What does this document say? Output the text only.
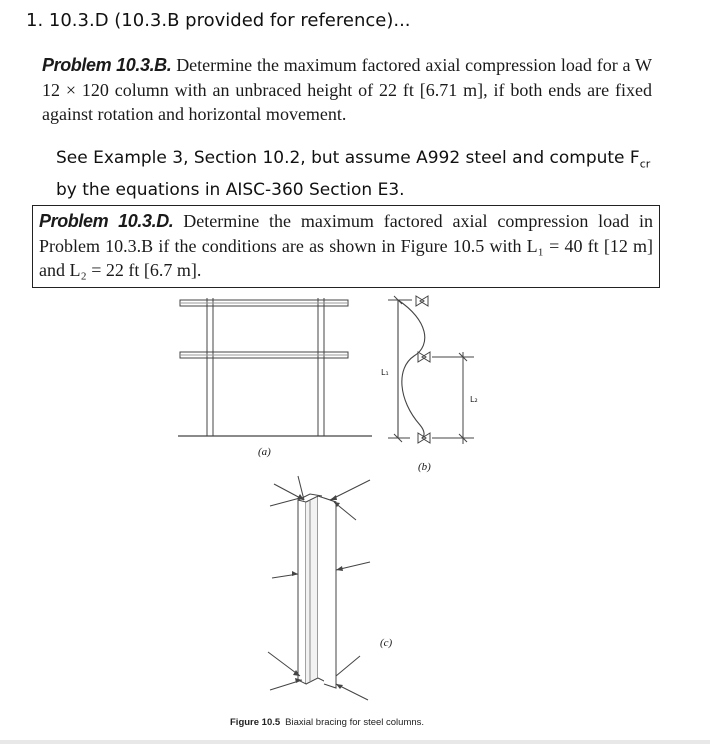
1. 10.3.D (10.3.B provided for reference)...
Problem 10.3.B. Determine the maximum factored axial compression load for a W 12 × 120 column with an unbraced height of 22 ft [6.71 m], if both ends are fixed against rotation and horizontal movement.
See Example 3, Section 10.2, but assume A992 steel and compute $F_{cr}$
by the equations in AISC-360 Section E3.
Problem 10.3.D. Determine the maximum factored axial compression load in Problem 10.3.B if the conditions are as shown in Figure 10.5 with L₁ = 40 ft [12 m] and L₂ = 22 ft [6.7 m].
(a)
(b)
(c)
L₁
L₂
Figure 10.5 Biaxial bracing for steel columns.
